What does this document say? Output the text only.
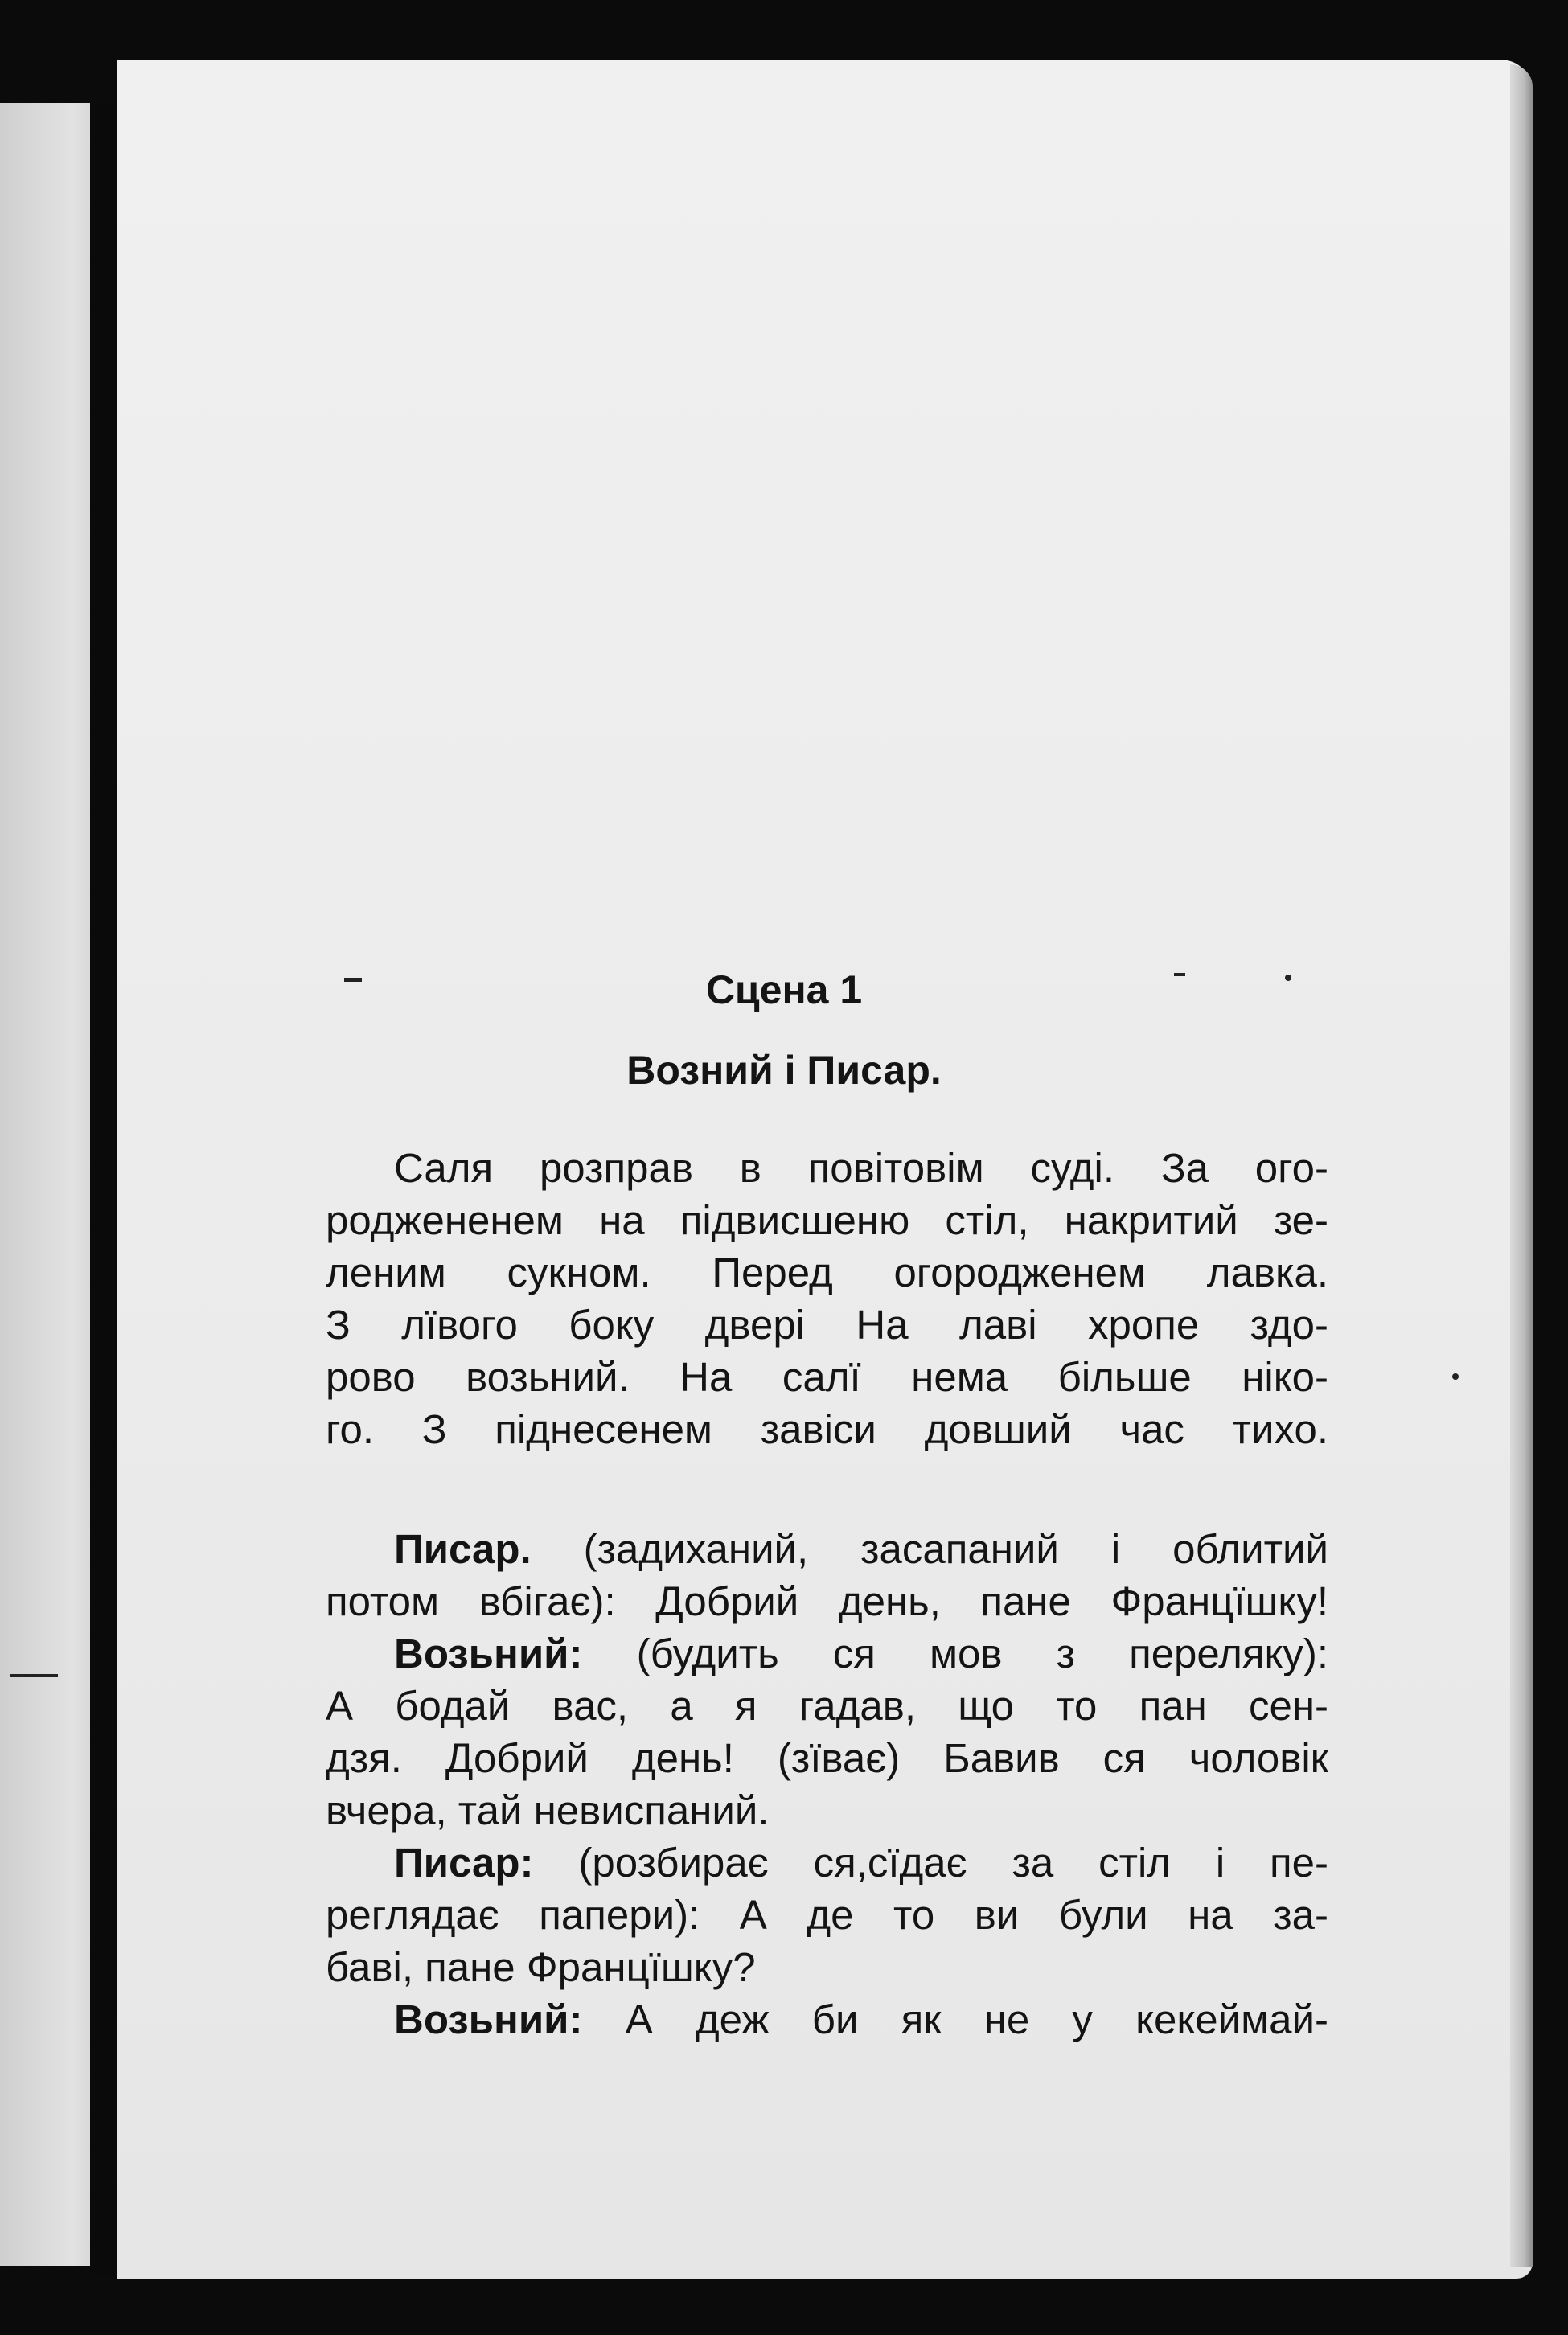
Сцена 1
Возний і Писар.

Саля розправ в повітовім суді. За ого-

роджененем на підвисшеню стіл, накритий зе-

леним сукном. Перед огородженем лавка.

З лївого боку двері На лаві хропе здо-

рово возьний. На салї нема більше ніко-

го. З піднесенем завіси довший час тихо.

Писар. (задиханий, засапаний і облитий

потом вбігає): Добрий день, пане Францїшку!

Возьний: (будить ся мов з переляку):

А бодай вас, а я гадав, що то пан сен-

дзя. Добрий день! (зїває) Бавив ся чоловік

вчера, тай невиспаний.

Писар: (розбирає ся,сїдає за стіл і пе-

реглядає папери): А де то ви були на за-

баві, пане Францїшку?

Возьний: А деж би як не у кекеймай-
